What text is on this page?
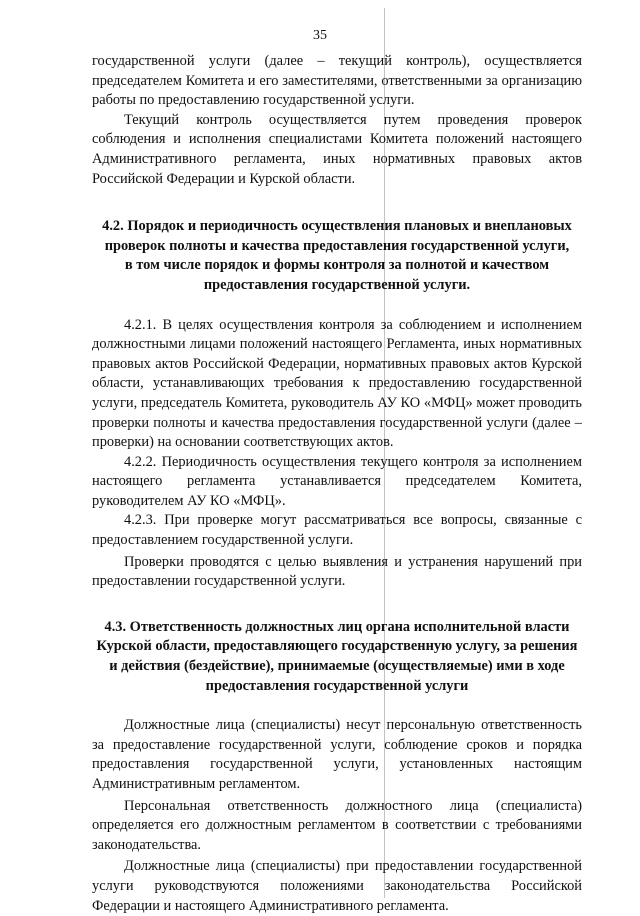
35

государственной услуги (далее – текущий контроль), осуществляется председателем Комитета и его заместителями, ответственными за организацию работы по предоставлению государственной услуги.

Текущий контроль осуществляется путем проведения проверок соблюдения и исполнения специалистами Комитета положений настоящего Административного регламента, иных нормативных правовых актов Российской Федерации и Курской области.

4.2. Порядок и периодичность осуществления плановых и внеплановых проверок полноты и качества предоставления государственной услуги, в том числе порядок и формы контроля за полнотой и качеством предоставления государственной услуги.

4.2.1. В целях осуществления контроля за соблюдением и исполнением должностными лицами положений настоящего Регламента, иных нормативных правовых актов Российской Федерации, нормативных правовых актов Курской области, устанавливающих требования к предоставлению государственной услуги, председатель Комитета, руководитель АУ КО «МФЦ» может проводить проверки полноты и качества предоставления государственной услуги (далее – проверки) на основании соответствующих актов.

4.2.2. Периодичность осуществления текущего контроля за исполнением настоящего регламента устанавливается председателем Комитета, руководителем АУ КО «МФЦ».

4.2.3. При проверке могут рассматриваться все вопросы, связанные с предоставлением государственной услуги.

Проверки проводятся с целью выявления и устранения нарушений при предоставлении государственной услуги.

4.3. Ответственность должностных лиц органа исполнительной власти Курской области, предоставляющего государственную услугу, за решения и действия (бездействие), принимаемые (осуществляемые) ими в ходе предоставления государственной услуги

Должностные лица (специалисты) несут персональную ответственность за предоставление государственной услуги, соблюдение сроков и порядка предоставления государственной услуги, установленных настоящим Административным регламентом.

Персональная ответственность должностного лица (специалиста) определяется его должностным регламентом в соответствии с требованиями законодательства.

Должностные лица (специалисты) при предоставлении государственной услуги руководствуются положениями законодательства Российской Федерации и настоящего Административного регламента.
